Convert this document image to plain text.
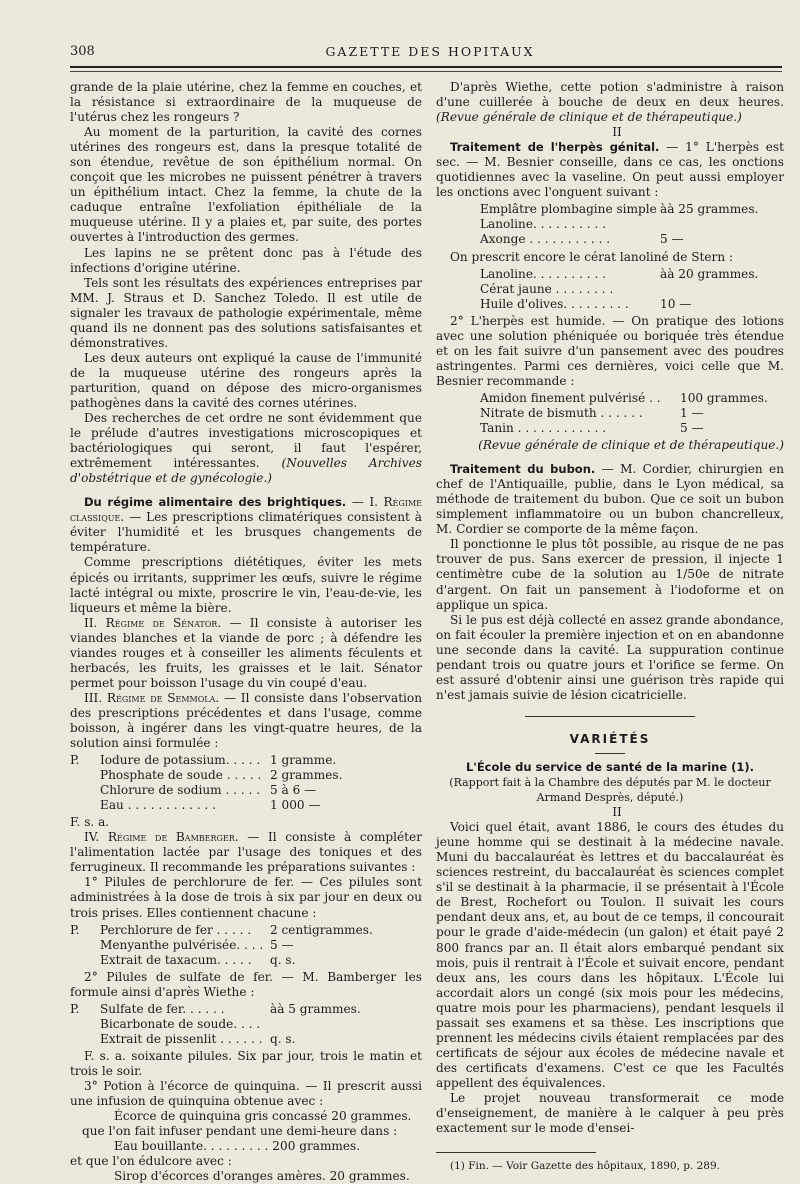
308	GAZETTE DES HOPITAUX

grande de la plaie utérine, chez la femme en couches, et la résistance si extraordinaire de la muqueuse de l'utérus chez les rongeurs ?

Au moment de la parturition, la cavité des cornes utérines des rongeurs est, dans la presque totalité de son étendue, revêtue de son épithélium normal. On conçoit que les microbes ne puissent pénétrer à travers un épithélium intact. Chez la femme, la chute de la caduque entraîne l'exfoliation épithéliale de la muqueuse utérine. Il y a plaies et, par suite, des portes ouvertes à l'introduction des germes.

Les lapins ne se prêtent donc pas à l'étude des infections d'origine utérine.

Tels sont les résultats des expériences entreprises par MM. J. Straus et D. Sanchez Toledo. Il est utile de signaler les travaux de pathologie expérimentale, même quand ils ne donnent pas des solutions satisfaisantes et démonstratives.

Les deux auteurs ont expliqué la cause de l'immunité de la muqueuse utérine des rongeurs après la parturition, quand on dépose des micro-organismes pathogènes dans la cavité des cornes utérines.

Des recherches de cet ordre ne sont évidemment que le prélude d'autres investigations microscopiques et bactériologiques qui seront, il faut l'espérer, extrêmement intéressantes. (Nouvelles Archives d'obstétrique et de gynécologie.)

Du régime alimentaire des brightiques. — I. Régime classique. — Les prescriptions climatériques consistent à éviter l'humidité et les brusques changements de température.

Comme prescriptions diététiques, éviter les mets épicés ou irritants, supprimer les œufs, suivre le régime lacté intégral ou mixte, proscrire le vin, l'eau-de-vie, les liqueurs et même la bière.

II. Régime de Sénator. — Il consiste à autoriser les viandes blanches et la viande de porc ; à défendre les viandes rouges et à conseiller les aliments féculents et herbacés, les fruits, les graisses et le lait. Sénator permet pour boisson l'usage du vin coupé d'eau.

III. Régime de Semmola. — Il consiste dans l'observation des prescriptions précédentes et dans l'usage, comme boisson, à ingérer dans les vingt-quatre heures, de la solution ainsi formulée :

P.	Iodure de potassium. . . . . 1 gramme.
Phosphate de soude . . . . . 2 grammes.
Chlorure de sodium . . . . . 5 à 6 —
Eau . . . . . . . . . . . .	1 000 —

F. s. a.

IV. Régime de Bamberger. — Il consiste à compléter l'alimentation lactée par l'usage des toniques et des ferrugineux. Il recommande les préparations suivantes :

1° Pilules de perchlorure de fer. — Ces pilules sont administrées à la dose de trois à six par jour en deux ou trois prises. Elles contiennent chacune :

P.	Perchlorure de fer . . . . .	2 centigrammes.
Menyanthe pulvérisée. . . . 5 —
Extrait de taxacum. . . . .	q. s.

2° Pilules de sulfate de fer. — M. Bamberger les formule ainsi d'après Wiethe :

P.	Sulfate de fer. . . . . .	àà 5 grammes.
Bicarbonate de soude. . . .
Extrait de pissenlit . . . . . . q. s.

F. s. a. soixante pilules. Six par jour, trois le matin et trois le soir.

3° Potion à l'écorce de quinquina. — Il prescrit aussi une infusion de quinquina obtenue avec :

Écorce de quinquina gris concassé 20 grammes.

que l'on fait infuser pendant une demi-heure dans :

Eau bouillante. . . . . . . . . 200 grammes.

et que l'on édulcore avec :

Sirop d'écorces d'oranges amères. 20 grammes.

D'après Wiethe, cette potion s'administre à raison d'une cuillerée à bouche de deux en deux heures. (Revue générale de clinique et de thérapeutique.)

II

Traitement de l'herpès génital. — 1° L'herpès est sec. — M. Besnier conseille, dans ce cas, les onctions quotidiennes avec la vaseline. On peut aussi employer les onctions avec l'onguent suivant :

Emplâtre plombagine simple àà 25 grammes.
Lanoline. . . . . . . . . .
Axonge . . . . . . . . . . .	5 —

On prescrit encore le cérat lanoliné de Stern :

Lanoline. . . . . . . . . .	àà 20 grammes.
Cérat jaune . . . . . . . .
Huile d'olives. . . . . . . . .	10 —

2° L'herpès est humide. — On pratique des lotions avec une solution phéniquée ou boriquée très étendue et on les fait suivre d'un pansement avec des poudres astringentes. Parmi ces dernières, voici celle que M. Besnier recommande :

Amidon finement pulvérisé . .	100 grammes.
Nitrate de bismuth . . . . . .	1 —
Tanin . . . . . . . . . . . .	5 —

(Revue générale de clinique et de thérapeutique.)

Traitement du bubon. — M. Cordier, chirurgien en chef de l'Antiquaille, publie, dans le Lyon médical, sa méthode de traitement du bubon. Que ce soit un bubon simplement inflammatoire ou un bubon chancrelleux, M. Cordier se comporte de la même façon.

Il ponctionne le plus tôt possible, au risque de ne pas trouver de pus. Sans exercer de pression, il injecte 1 centimètre cube de la solution au 1/50e de nitrate d'argent. On fait un pansement à l'iodoforme et on applique un spica.

Si le pus est déjà collecté en assez grande abondance, on fait écouler la première injection et on en abandonne une seconde dans la cavité. La suppuration continue pendant trois ou quatre jours et l'orifice se ferme. On est assuré d'obtenir ainsi une guérison très rapide qui n'est jamais suivie de lésion cicatricielle.

VARIÉTÉS

L'École du service de santé de la marine (1).

(Rapport fait à la Chambre des députés par M. le docteur Armand Desprès, député.)

II

Voici quel était, avant 1886, le cours des études du jeune homme qui se destinait à la médecine navale. Muni du baccalauréat ès lettres et du baccalauréat ès sciences restreint, du baccalauréat ès sciences complet s'il se destinait à la pharmacie, il se présentait à l'École de Brest, Rochefort ou Toulon. Il suivait les cours pendant deux ans, et, au bout de ce temps, il concourait pour le grade d'aide-médecin (un galon) et était payé 2 800 francs par an. Il était alors embarqué pendant six mois, puis il rentrait à l'École et suivait encore, pendant deux ans, les cours dans les hôpitaux. L'École lui accordait alors un congé (six mois pour les médecins, quatre mois pour les pharmaciens), pendant lesquels il passait ses examens et sa thèse. Les inscriptions que prennent les médecins civils étaient remplacées par des certificats de séjour aux écoles de médecine navale et des certificats d'examens. C'est ce que les Facultés appellent des équivalences.

Le projet nouveau transformerait ce mode d'enseignement, de manière à le calquer à peu près exactement sur le mode d'ensei-

(1) Fin. — Voir Gazette des hôpitaux, 1890, p. 289.
